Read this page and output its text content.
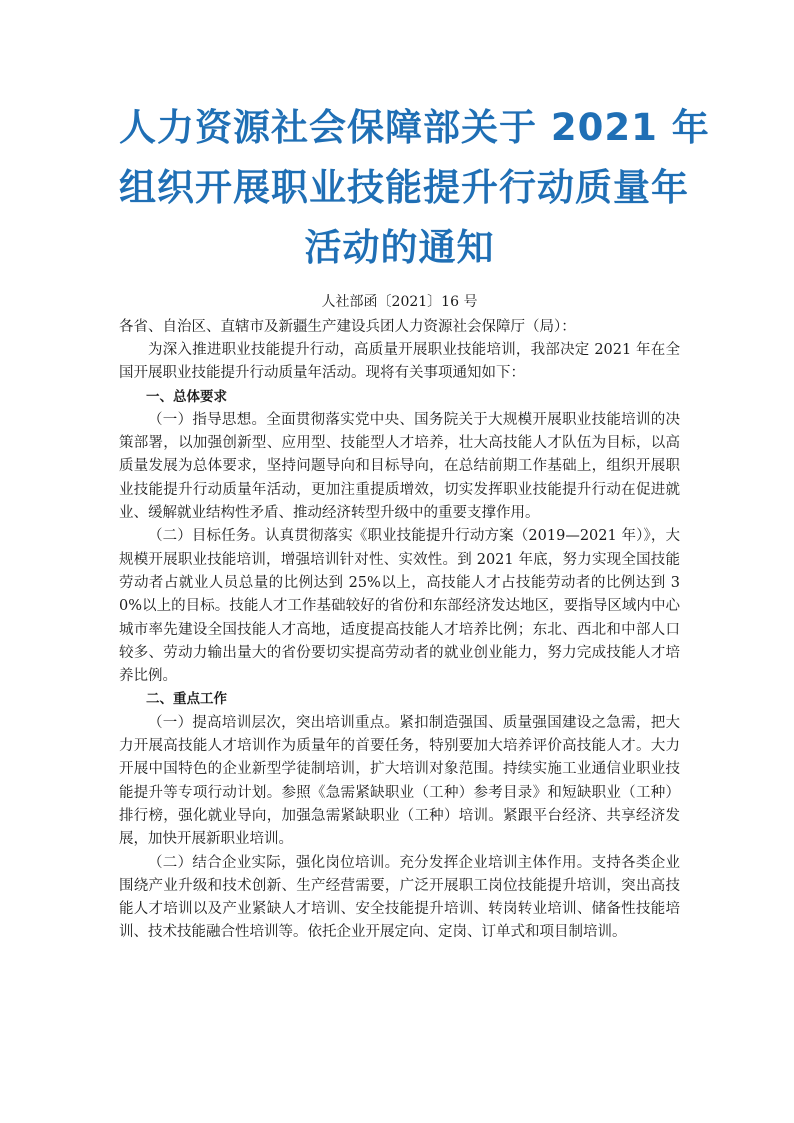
人力资源社会保障部关于 2021 年
组织开展职业技能提升行动质量年
活动的通知
人社部函〔2021〕16 号
各省、自治区、直辖市及新疆生产建设兵团人力资源社会保障厅（局）：

为深入推进职业技能提升行动，高质量开展职业技能培训，我部决定 2021 年在全国开展职业技能提升行动质量年活动。现将有关事项通知如下：

一、总体要求

（一）指导思想。全面贯彻落实党中央、国务院关于大规模开展职业技能培训的决策部署，以加强创新型、应用型、技能型人才培养，壮大高技能人才队伍为目标，以高质量发展为总体要求，坚持问题导向和目标导向，在总结前期工作基础上，组织开展职业技能提升行动质量年活动，更加注重提质增效，切实发挥职业技能提升行动在促进就业、缓解就业结构性矛盾、推动经济转型升级中的重要支撑作用。

（二）目标任务。认真贯彻落实《职业技能提升行动方案（2019—2021 年）》，大规模开展职业技能培训，增强培训针对性、实效性。到 2021 年底，努力实现全国技能劳动者占就业人员总量的比例达到 25%以上，高技能人才占技能劳动者的比例达到 30%以上的目标。技能人才工作基础较好的省份和东部经济发达地区，要指导区域内中心城市率先建设全国技能人才高地，适度提高技能人才培养比例；东北、西北和中部人口较多、劳动力输出量大的省份要切实提高劳动者的就业创业能力，努力完成技能人才培养比例。

二、重点工作

（一）提高培训层次，突出培训重点。紧扣制造强国、质量强国建设之急需，把大力开展高技能人才培训作为质量年的首要任务，特别要加大培养评价高技能人才。大力开展中国特色的企业新型学徒制培训，扩大培训对象范围。持续实施工业通信业职业技能提升等专项行动计划。参照《急需紧缺职业（工种）参考目录》和短缺职业（工种）排行榜，强化就业导向，加强急需紧缺职业（工种）培训。紧跟平台经济、共享经济发展，加快开展新职业培训。

（二）结合企业实际，强化岗位培训。充分发挥企业培训主体作用。支持各类企业围绕产业升级和技术创新、生产经营需要，广泛开展职工岗位技能提升培训，突出高技能人才培训以及产业紧缺人才培训、安全技能提升培训、转岗转业培训、储备性技能培训、技术技能融合性培训等。依托企业开展定向、定岗、订单式和项目制培训。
